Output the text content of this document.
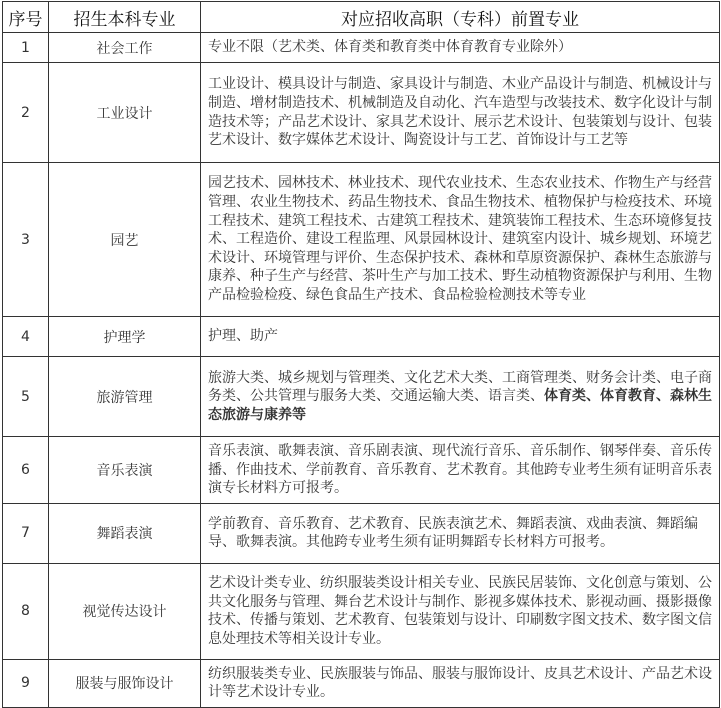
序号	招生本科专业	对应招收高职（专科）前置专业
1	社会工作	专业不限（艺术类、体育类和教育类中体育教育专业除外）
2	工业设计	工业设计、模具设计与制造、家具设计与制造、木业产品设计与制造、机械设计与制造、增材制造技术、机械制造及自动化、汽车造型与改装技术、数字化设计与制造技术等；产品艺术设计、家具艺术设计、展示艺术设计、包装策划与设计、包装艺术设计、数字媒体艺术设计、陶瓷设计与工艺、首饰设计与工艺等
3	园艺	园艺技术、园林技术、林业技术、现代农业技术、生态农业技术、作物生产与经营管理、农业生物技术、药品生物技术、食品生物技术、植物保护与检疫技术、环境工程技术、建筑工程技术、古建筑工程技术、建筑装饰工程技术、生态环境修复技术、工程造价、建设工程监理、风景园林设计、建筑室内设计、城乡规划、环境艺术设计、环境管理与评价、生态保护技术、森林和草原资源保护、森林生态旅游与康养、种子生产与经营、茶叶生产与加工技术、野生动植物资源保护与利用、生物产品检验检疫、绿色食品生产技术、食品检验检测技术等专业
4	护理学	护理、助产
5	旅游管理	旅游大类、城乡规划与管理类、文化艺术大类、工商管理类、财务会计类、电子商务类、公共管理与服务大类、交通运输大类、语言类、体育类、体育教育、森林生态旅游与康养等
6	音乐表演	音乐表演、歌舞表演、音乐剧表演、现代流行音乐、音乐制作、钢琴伴奏、音乐传播、作曲技术、学前教育、音乐教育、艺术教育。其他跨专业考生须有证明音乐表演专长材料方可报考。
7	舞蹈表演	学前教育、音乐教育、艺术教育、民族表演艺术、舞蹈表演、戏曲表演、舞蹈编导、歌舞表演。其他跨专业考生须有证明舞蹈专长材料方可报考。
8	视觉传达设计	艺术设计类专业、纺织服装类设计相关专业、民族民居装饰、文化创意与策划、公共文化服务与管理、舞台艺术设计与制作、影视多媒体技术、影视动画、摄影摄像技术、传播与策划、艺术教育、包装策划与设计、印刷数字图文技术、数字图文信息处理技术等相关设计专业。
9	服装与服饰设计	纺织服装类专业、民族服装与饰品、服装与服饰设计、皮具艺术设计、产品艺术设计等艺术设计专业。
